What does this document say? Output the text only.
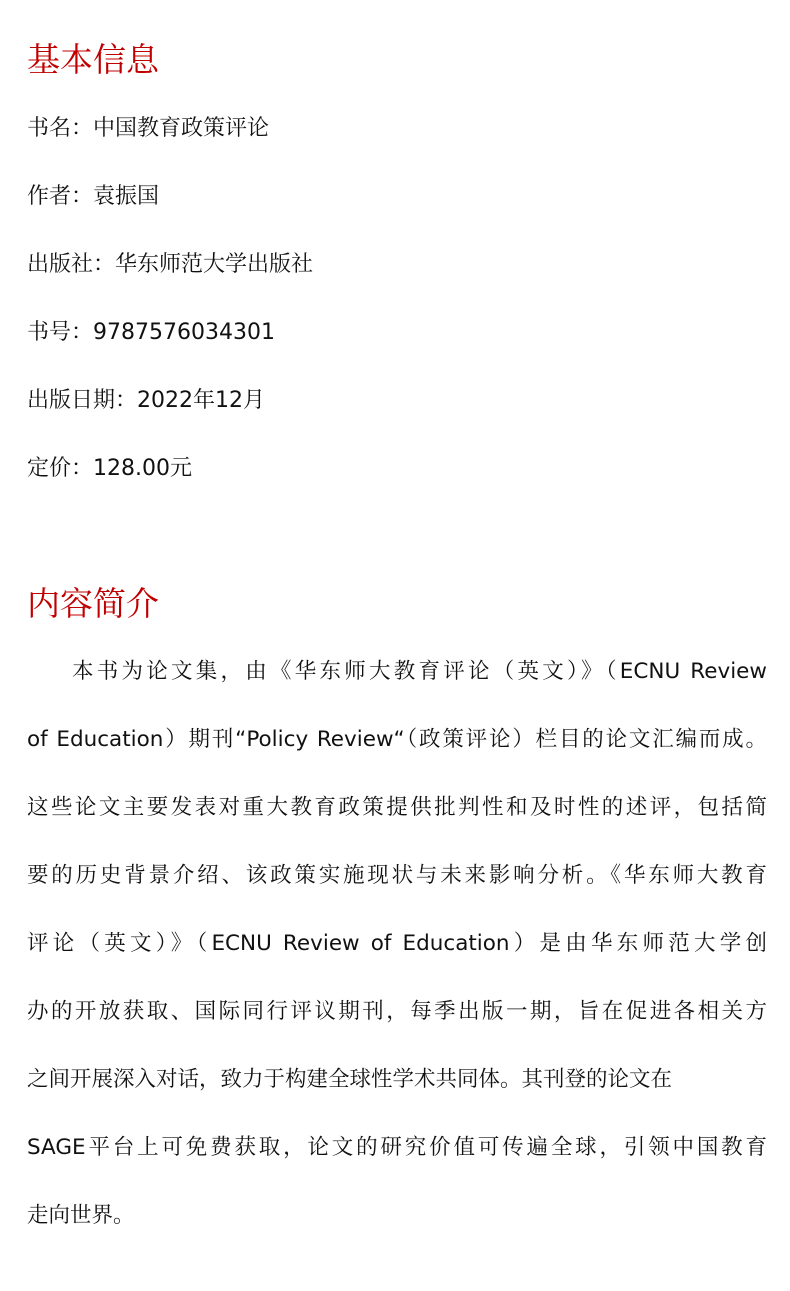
基本信息

书名：中国教育政策评论

作者：袁振国

出版社：华东师范大学出版社

书号：9787576034301

出版日期：2022年12月

定价：128.00元

内容简介
本书为论文集，由《华东师大教育评论（英文）》（ECNU Review
of Education）期刊“Policy Review“（政策评论）栏目的论文汇编而成。
这些论文主要发表对重大教育政策提供批判性和及时性的述评，包括简
要的历史背景介绍、该政策实施现状与未来影响分析。《华东师大教育
评论（英文）》（ECNU Review of Education）是由华东师范大学创
办的开放获取、国际同行评议期刊，每季出版一期，旨在促进各相关方
之间开展深入对话，致力于构建全球性学术共同体。其刊登的论文在
SAGE平台上可免费获取，论文的研究价值可传遍全球，引领中国教育
走向世界。
